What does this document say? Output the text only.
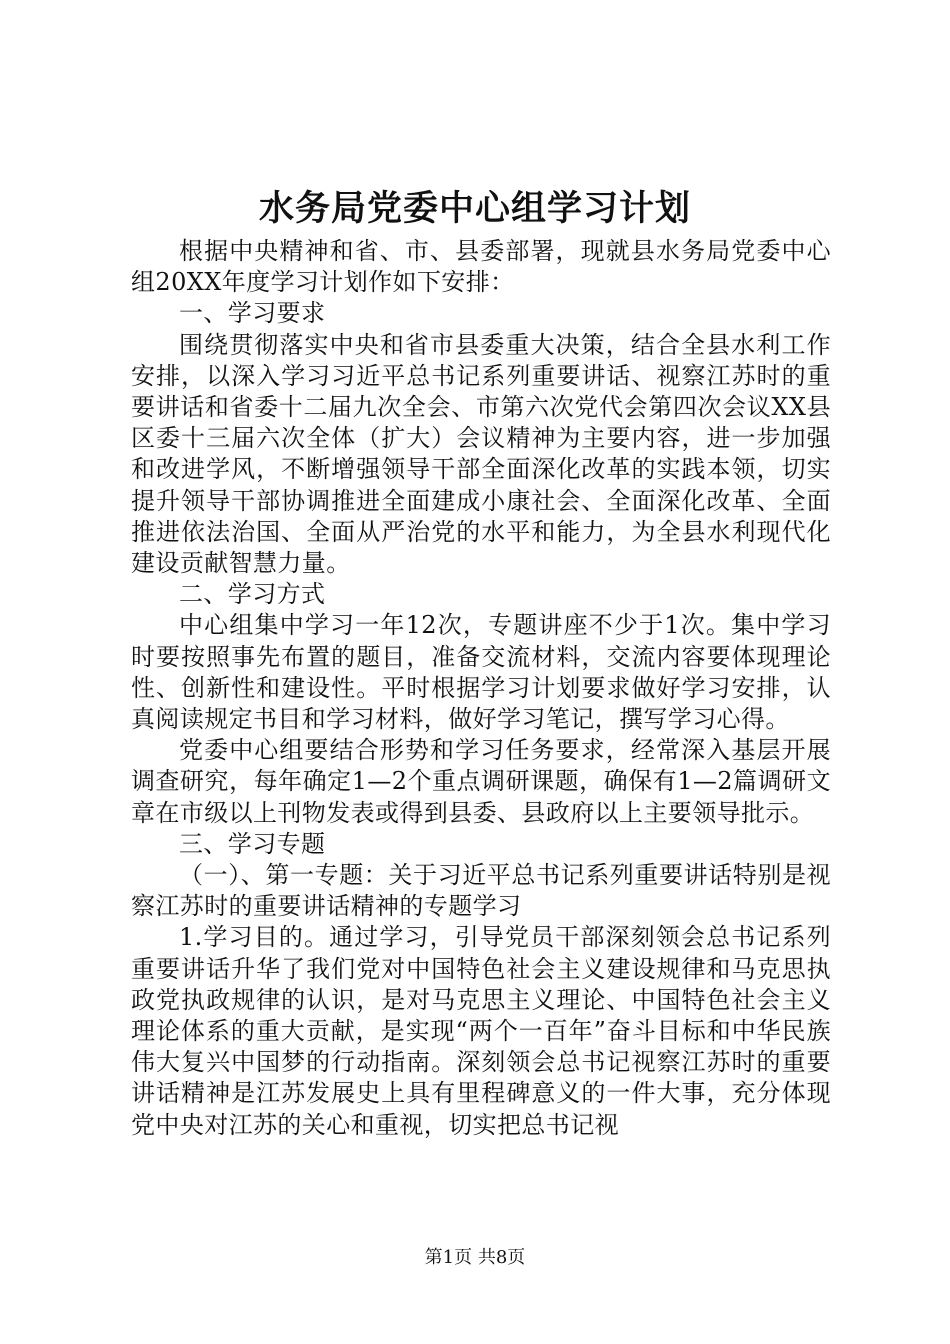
水务局党委中心组学习计划

根据中央精神和省、市、县委部署，现就县水务局党委中心组20XX年度学习计划作如下安排：

一、学习要求

围绕贯彻落实中央和省市县委重大决策，结合全县水利工作安排，以深入学习习近平总书记系列重要讲话、视察江苏时的重要讲话和省委十二届九次全会、市第六次党代会第四次会议XX县区委十三届六次全体（扩大）会议精神为主要内容，进一步加强和改进学风，不断增强领导干部全面深化改革的实践本领，切实提升领导干部协调推进全面建成小康社会、全面深化改革、全面推进依法治国、全面从严治党的水平和能力，为全县水利现代化建设贡献智慧力量。

二、学习方式

中心组集中学习一年12次，专题讲座不少于1次。集中学习时要按照事先布置的题目，准备交流材料，交流内容要体现理论性、创新性和建设性。平时根据学习计划要求做好学习安排，认真阅读规定书目和学习材料，做好学习笔记，撰写学习心得。

党委中心组要结合形势和学习任务要求，经常深入基层开展调查研究，每年确定1—2个重点调研课题，确保有1—2篇调研文章在市级以上刊物发表或得到县委、县政府以上主要领导批示。

三、学习专题

（一）、第一专题：关于习近平总书记系列重要讲话特别是视察江苏时的重要讲话精神的专题学习

1.学习目的。通过学习，引导党员干部深刻领会总书记系列重要讲话升华了我们党对中国特色社会主义建设规律和马克思执政党执政规律的认识，是对马克思主义理论、中国特色社会主义理论体系的重大贡献，是实现“两个一百年”奋斗目标和中华民族伟大复兴中国梦的行动指南。深刻领会总书记视察江苏时的重要讲话精神是江苏发展史上具有里程碑意义的一件大事，充分体现党中央对江苏的关心和重视，切实把总书记视

第1页 共8页
